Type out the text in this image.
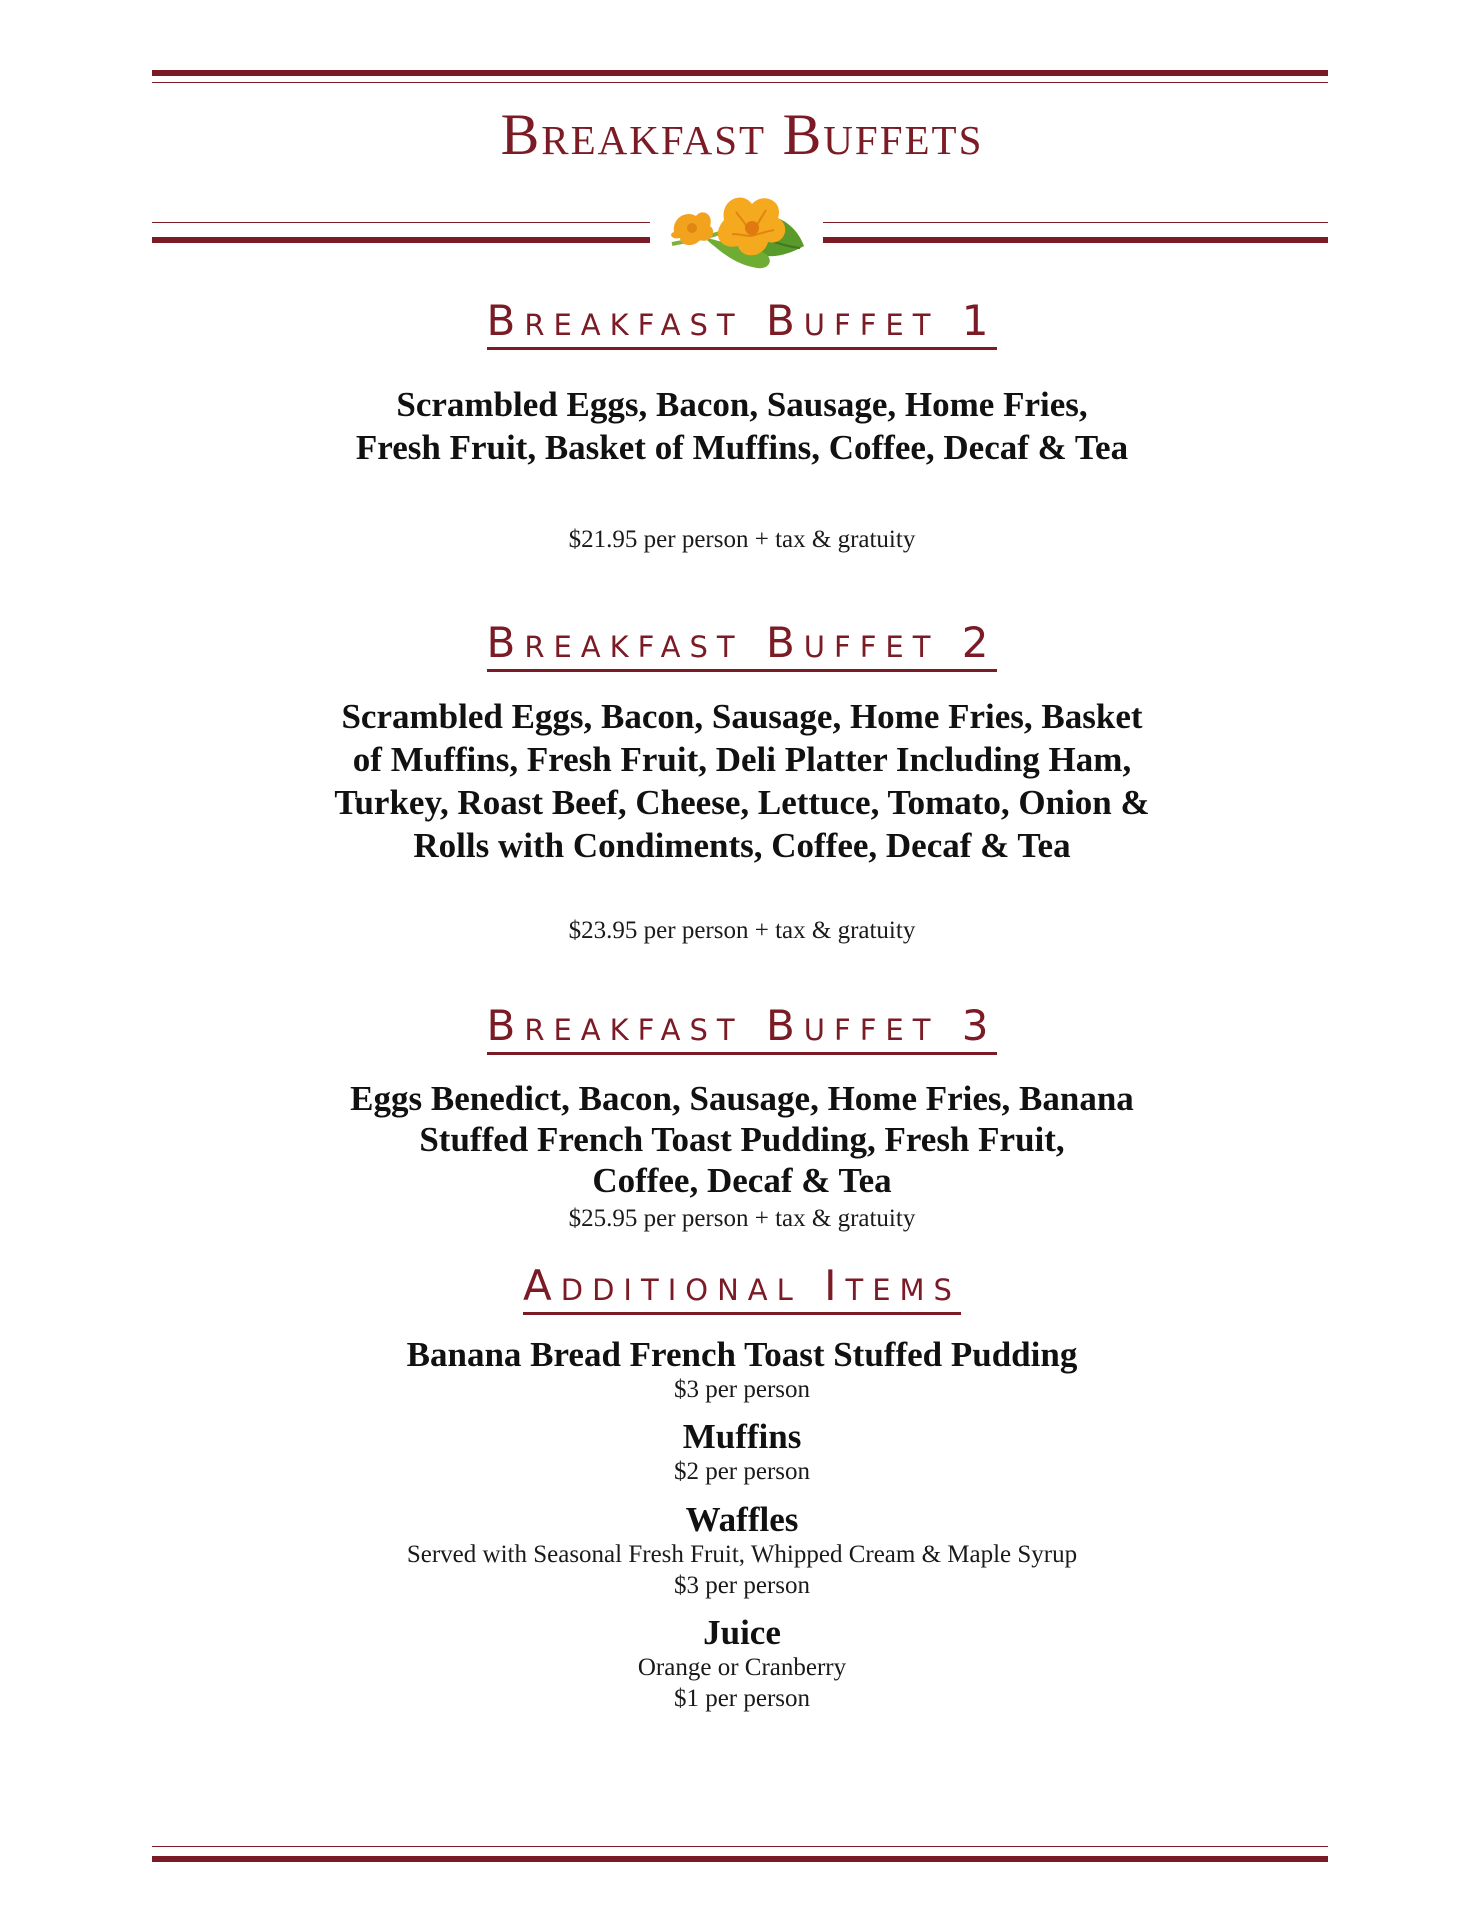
Breakfast Buffets
Breakfast Buffet 1
Scrambled Eggs, Bacon, Sausage, Home Fries,
Fresh Fruit, Basket of Muffins, Coffee, Decaf & Tea
$21.95 per person + tax & gratuity
Breakfast Buffet 2
Scrambled Eggs, Bacon, Sausage, Home Fries, Basket
of Muffins, Fresh Fruit, Deli Platter Including Ham,
Turkey, Roast Beef, Cheese, Lettuce, Tomato, Onion &
Rolls with Condiments, Coffee, Decaf & Tea
$23.95 per person + tax & gratuity
Breakfast Buffet 3
Eggs Benedict, Bacon, Sausage, Home Fries, Banana
Stuffed French Toast Pudding, Fresh Fruit,
Coffee, Decaf & Tea
$25.95 per person + tax & gratuity
Additional Items
Banana Bread French Toast Stuffed Pudding
$3 per person
Muffins
$2 per person
Waffles
Served with Seasonal Fresh Fruit, Whipped Cream & Maple Syrup
$3 per person
Juice
Orange or Cranberry
$1 per person
